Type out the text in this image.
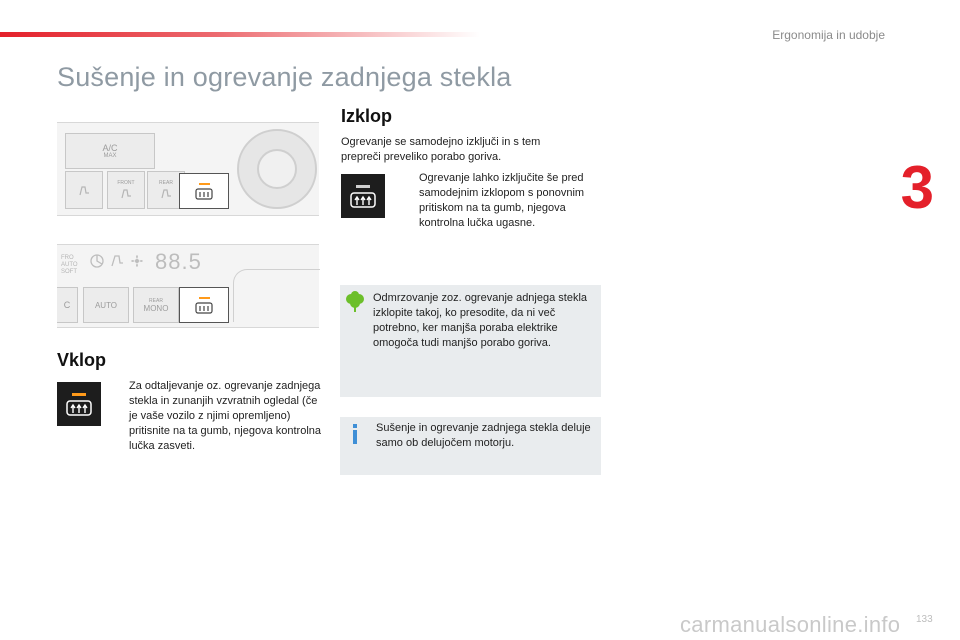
Ergonomija in udobje
3
Sušenje in ogrevanje zadnjega stekla
A/C
MAX
FRONT	REAR
FRO
AUTO
SOFT	88.5
C	AUTO	REAR
MONO
Vklop

Za odtaljevanje oz. ogrevanje zadnjega stekla in zunanjih vzvratnih ogledal (če je vaše vozilo z njimi opremljeno) pritisnite na ta gumb, njegova kontrolna lučka zasveti.

Izklop

Ogrevanje se samodejno izključi in s tem prepreči preveliko porabo goriva.

Ogrevanje lahko izključite še pred samodejnim izklopom s ponovnim pritiskom na ta gumb, njegova kontrolna lučka ugasne.

Odmrzovanje zoz. ogrevanje adnjega stekla izklopite takoj, ko presodite, da ni več potrebno, ker manjša poraba elektrike omogoča tudi manjšo porabo goriva.

Sušenje in ogrevanje zadnjega stekla deluje samo ob delujočem motorju.

carmanualsonline.info 133
